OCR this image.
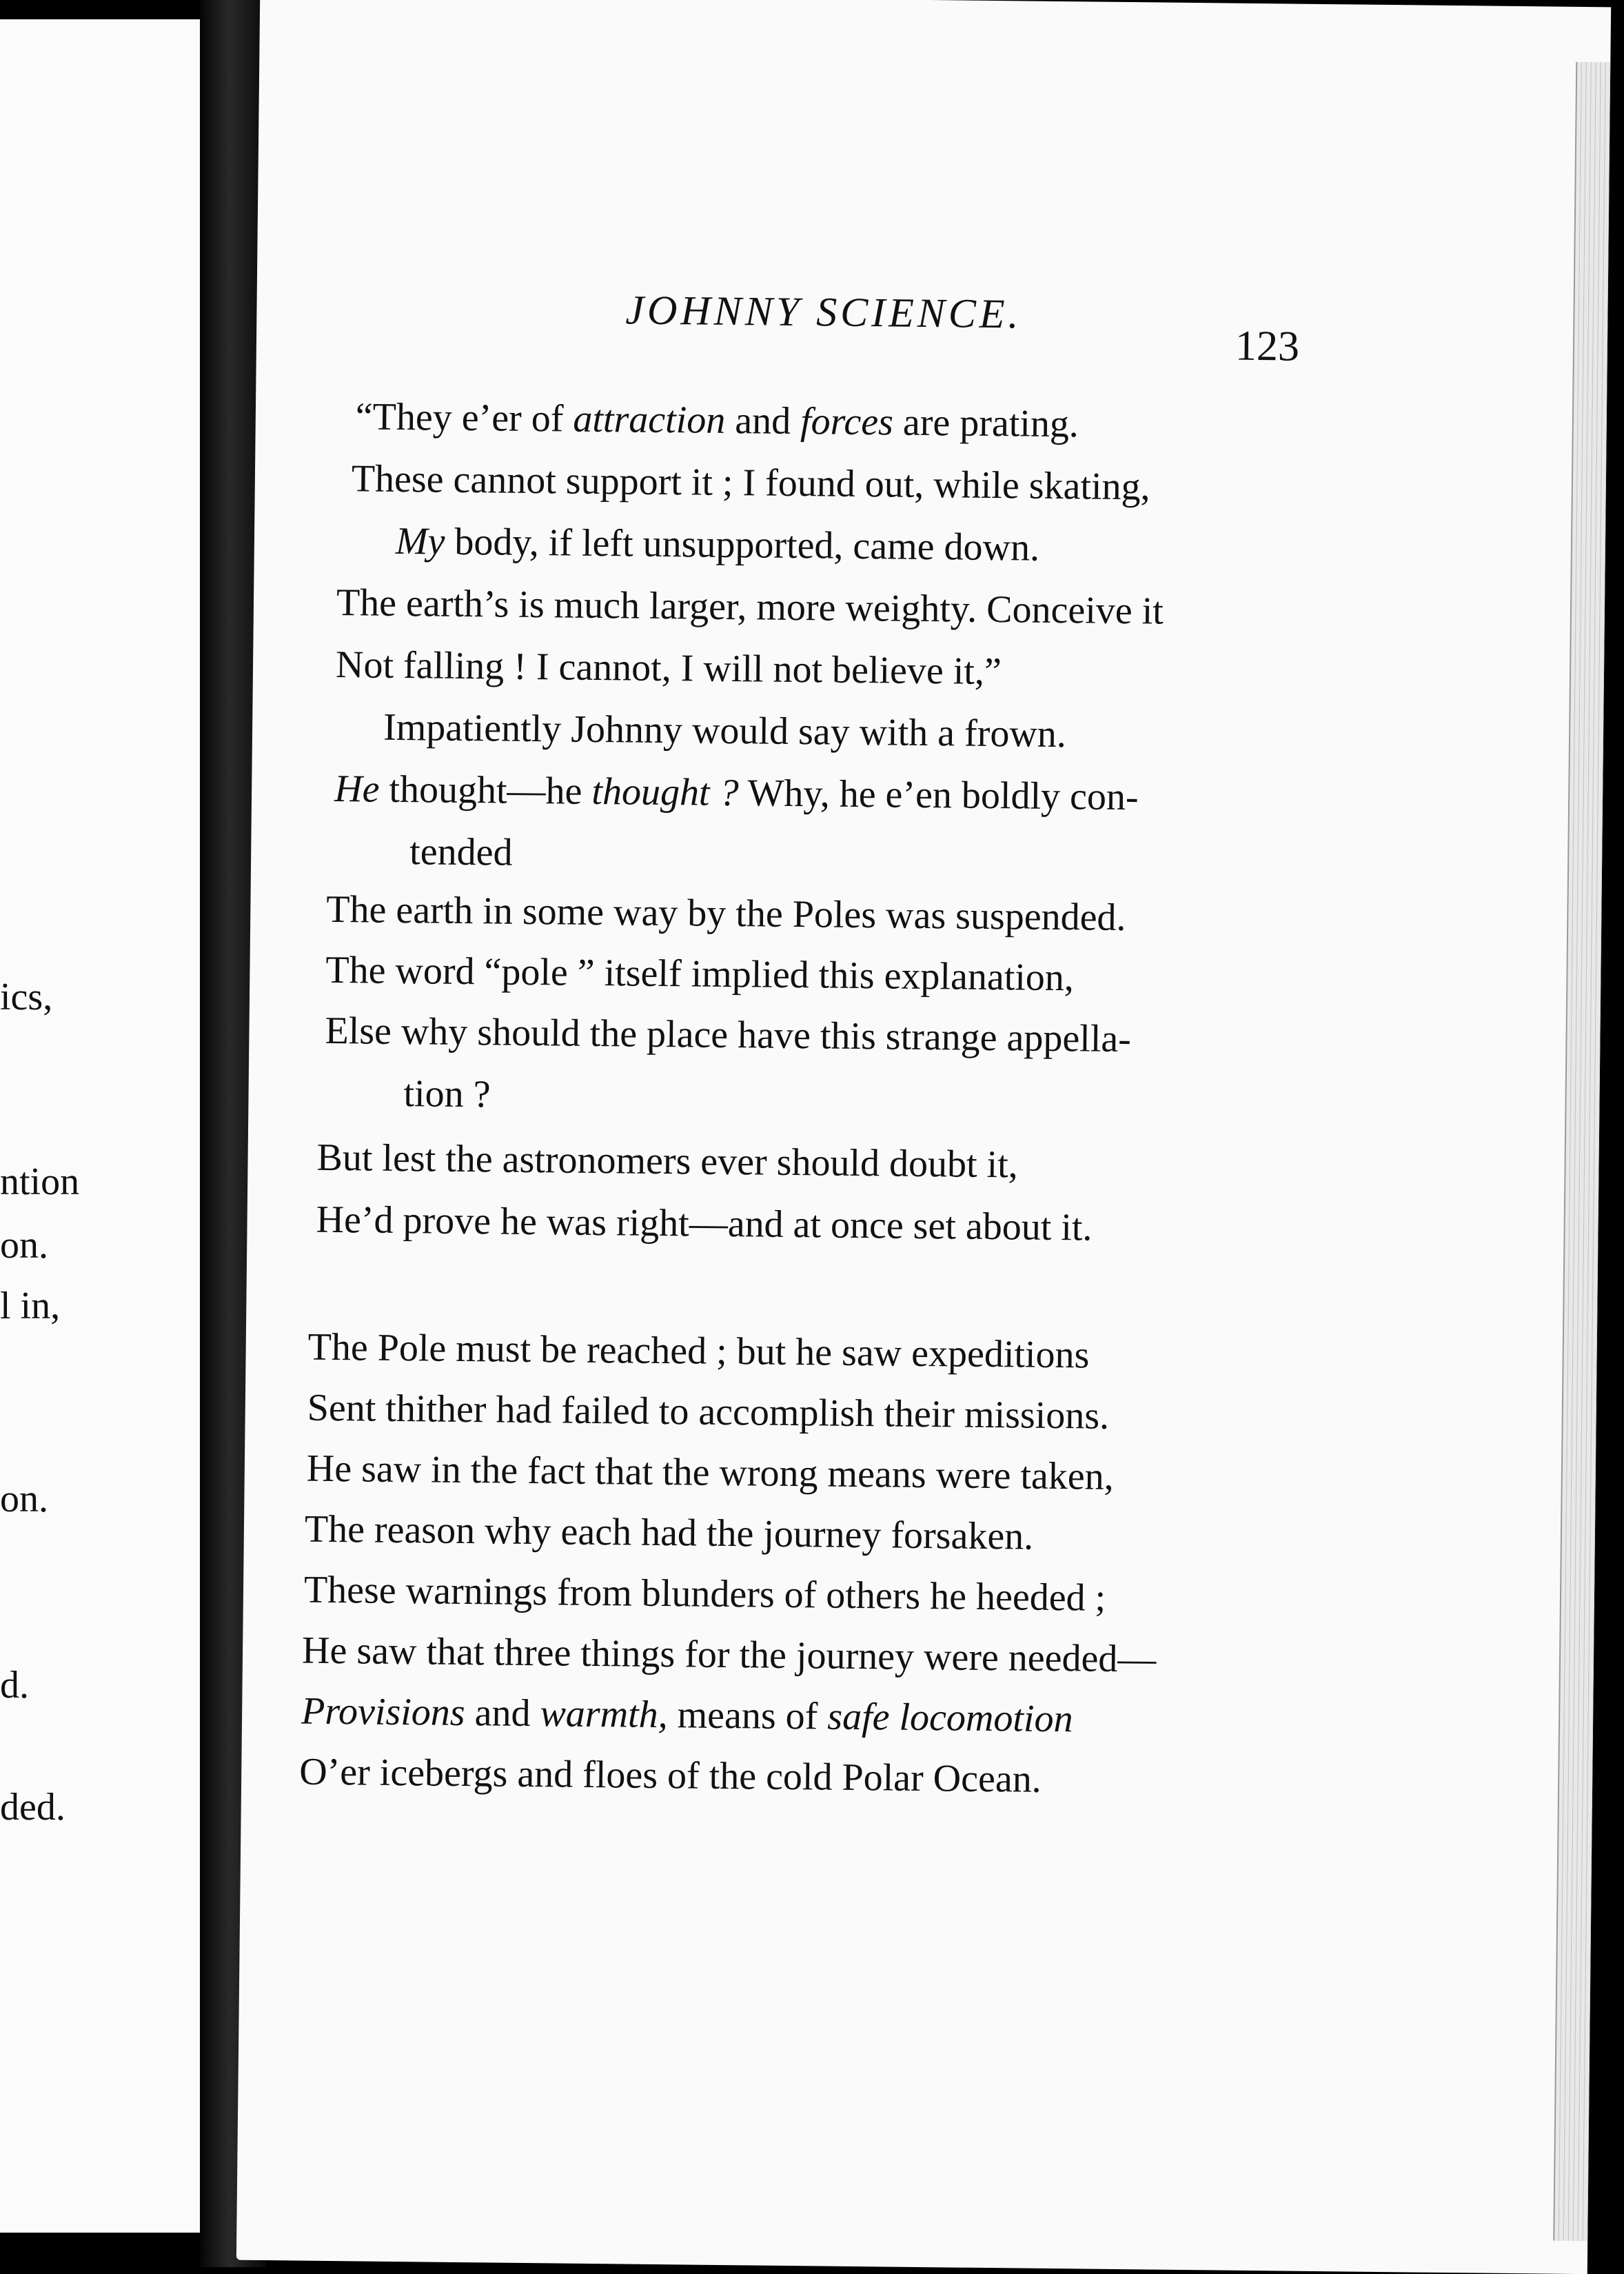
ics,
ntion
on.
l in,
on.
d.
ded.
JOHNNY SCIENCE.
123
“They e’er of attraction and forces are prating.
These cannot support it ; I found out, while skating,
My body, if left unsupported, came down.
The earth’s is much larger, more weighty. Conceive it
Not falling ! I cannot, I will not believe it,”
Impatiently Johnny would say with a frown.
He thought—he thought ? Why, he e’en boldly con-
tended
The earth in some way by the Poles was suspended.
The word “pole ” itself implied this explanation,
Else why should the place have this strange appella-
tion ?
But lest the astronomers ever should doubt it,
He’d prove he was right—and at once set about it.
The Pole must be reached ; but he saw expeditions
Sent thither had failed to accomplish their missions.
He saw in the fact that the wrong means were taken,
The reason why each had the journey forsaken.
These warnings from blunders of others he heeded ;
He saw that three things for the journey were needed—
Provisions and warmth, means of safe locomotion
O’er icebergs and floes of the cold Polar Ocean.
